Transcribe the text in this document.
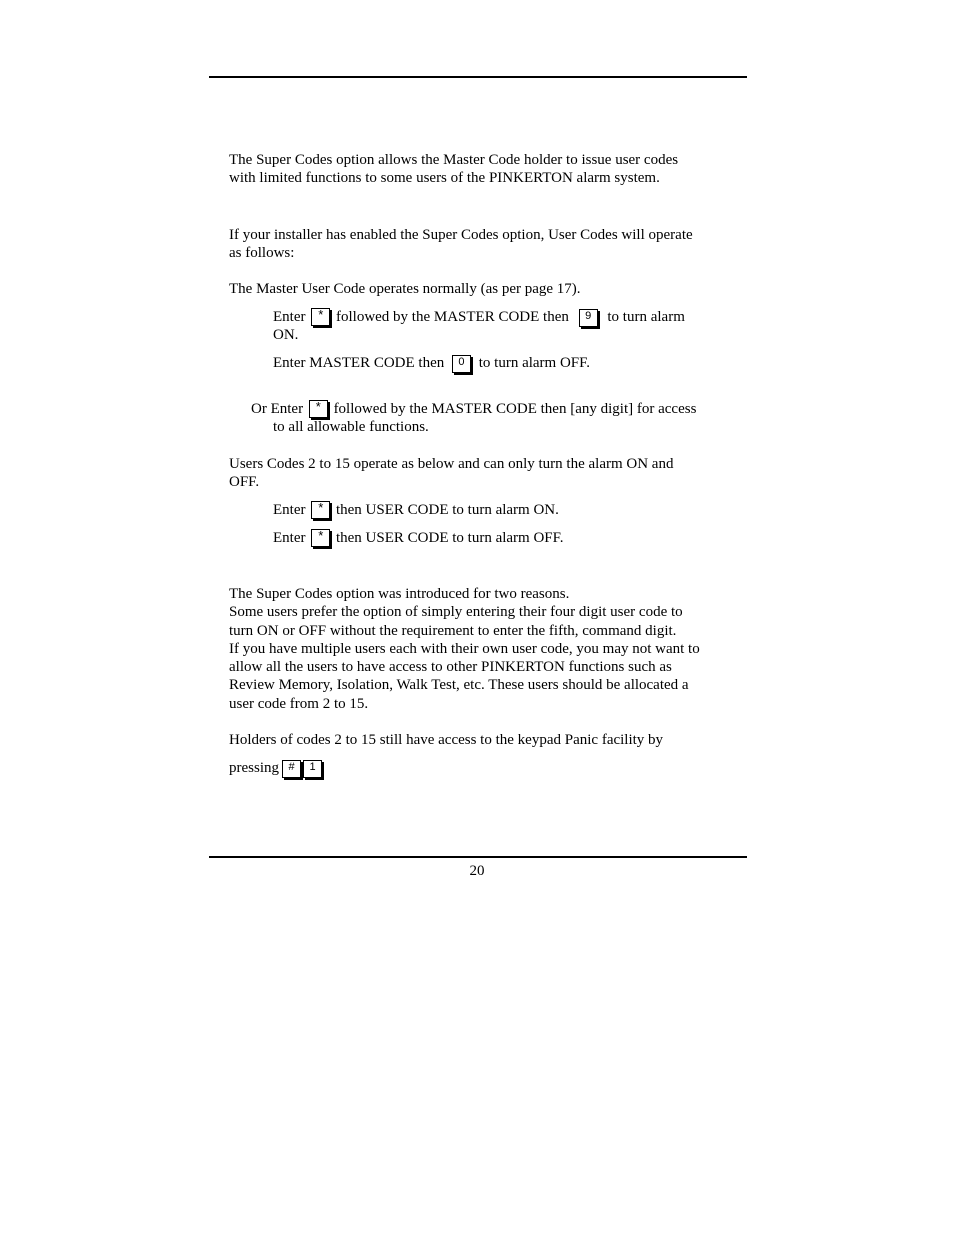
The Super Codes option allows the Master Code holder to issue user codes
with limited functions to some users of the PINKERTON alarm system.
If your installer has enabled the Super Codes option, User Codes will operate
as follows:
The Master User Code operates normally (as per page 17).
Enter * followed by the MASTER CODE then 9 to turn alarm
ON.
Enter MASTER CODE then 0 to turn alarm OFF.
Or Enter * followed by the MASTER CODE then [any digit] for access
to all allowable functions.
Users Codes 2 to 15 operate as below and can only turn the alarm ON and
OFF.
Enter * then USER CODE to turn alarm ON.
Enter * then USER CODE to turn alarm OFF.
The Super Codes option was introduced for two reasons.
Some users prefer the option of simply entering their four digit user code to
turn ON or OFF without the requirement to enter the fifth, command digit.
If you have multiple users each with their own user code, you may not want to
allow all the users to have access to other PINKERTON functions such as
Review Memory, Isolation, Walk Test, etc. These users should be allocated a
user code from 2 to 15.
Holders of codes 2 to 15 still have access to the keypad Panic facility by
pressing # 1
20
